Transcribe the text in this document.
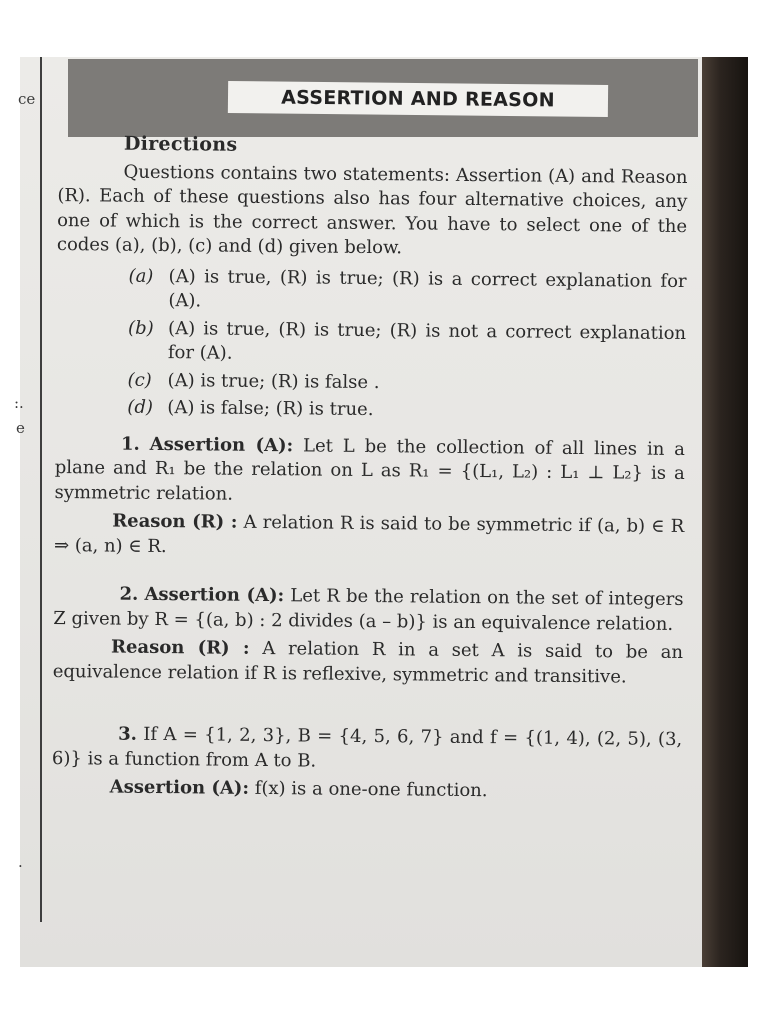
ce
:.
e
.
ASSERTION AND REASON
Directions

Questions contains two statements: Assertion (A) and Reason (R). Each of these questions also has four alternative choices, any one of which is the correct answer. You have to select one of the codes (a), (b), (c) and (d) given below.

(a) (A) is true, (R) is true; (R) is a correct explanation for (A).
(b) (A) is true, (R) is true; (R) is not a correct explanation for (A).
(c) (A) is true; (R) is false .
(d) (A) is false; (R) is true.

1. Assertion (A): Let L be the collection of all lines in a plane and R₁ be the relation on L as R₁ = {(L₁, L₂) : L₁ ⊥ L₂} is a symmetric relation.

Reason (R) : A relation R is said to be symmetric if (a, b) ∈ R ⇒ (a, n) ∈ R.

2. Assertion (A): Let R be the relation on the set of integers Z given by R = {(a, b) : 2 divides (a – b)} is an equivalence relation.

Reason (R) : A relation R in a set A is said to be an equivalence relation if R is reflexive, symmetric and transitive.

3. If A = {1, 2, 3}, B = {4, 5, 6, 7} and f = {(1, 4), (2, 5), (3, 6)} is a function from A to B.

Assertion (A): f(x) is a one-one function.
